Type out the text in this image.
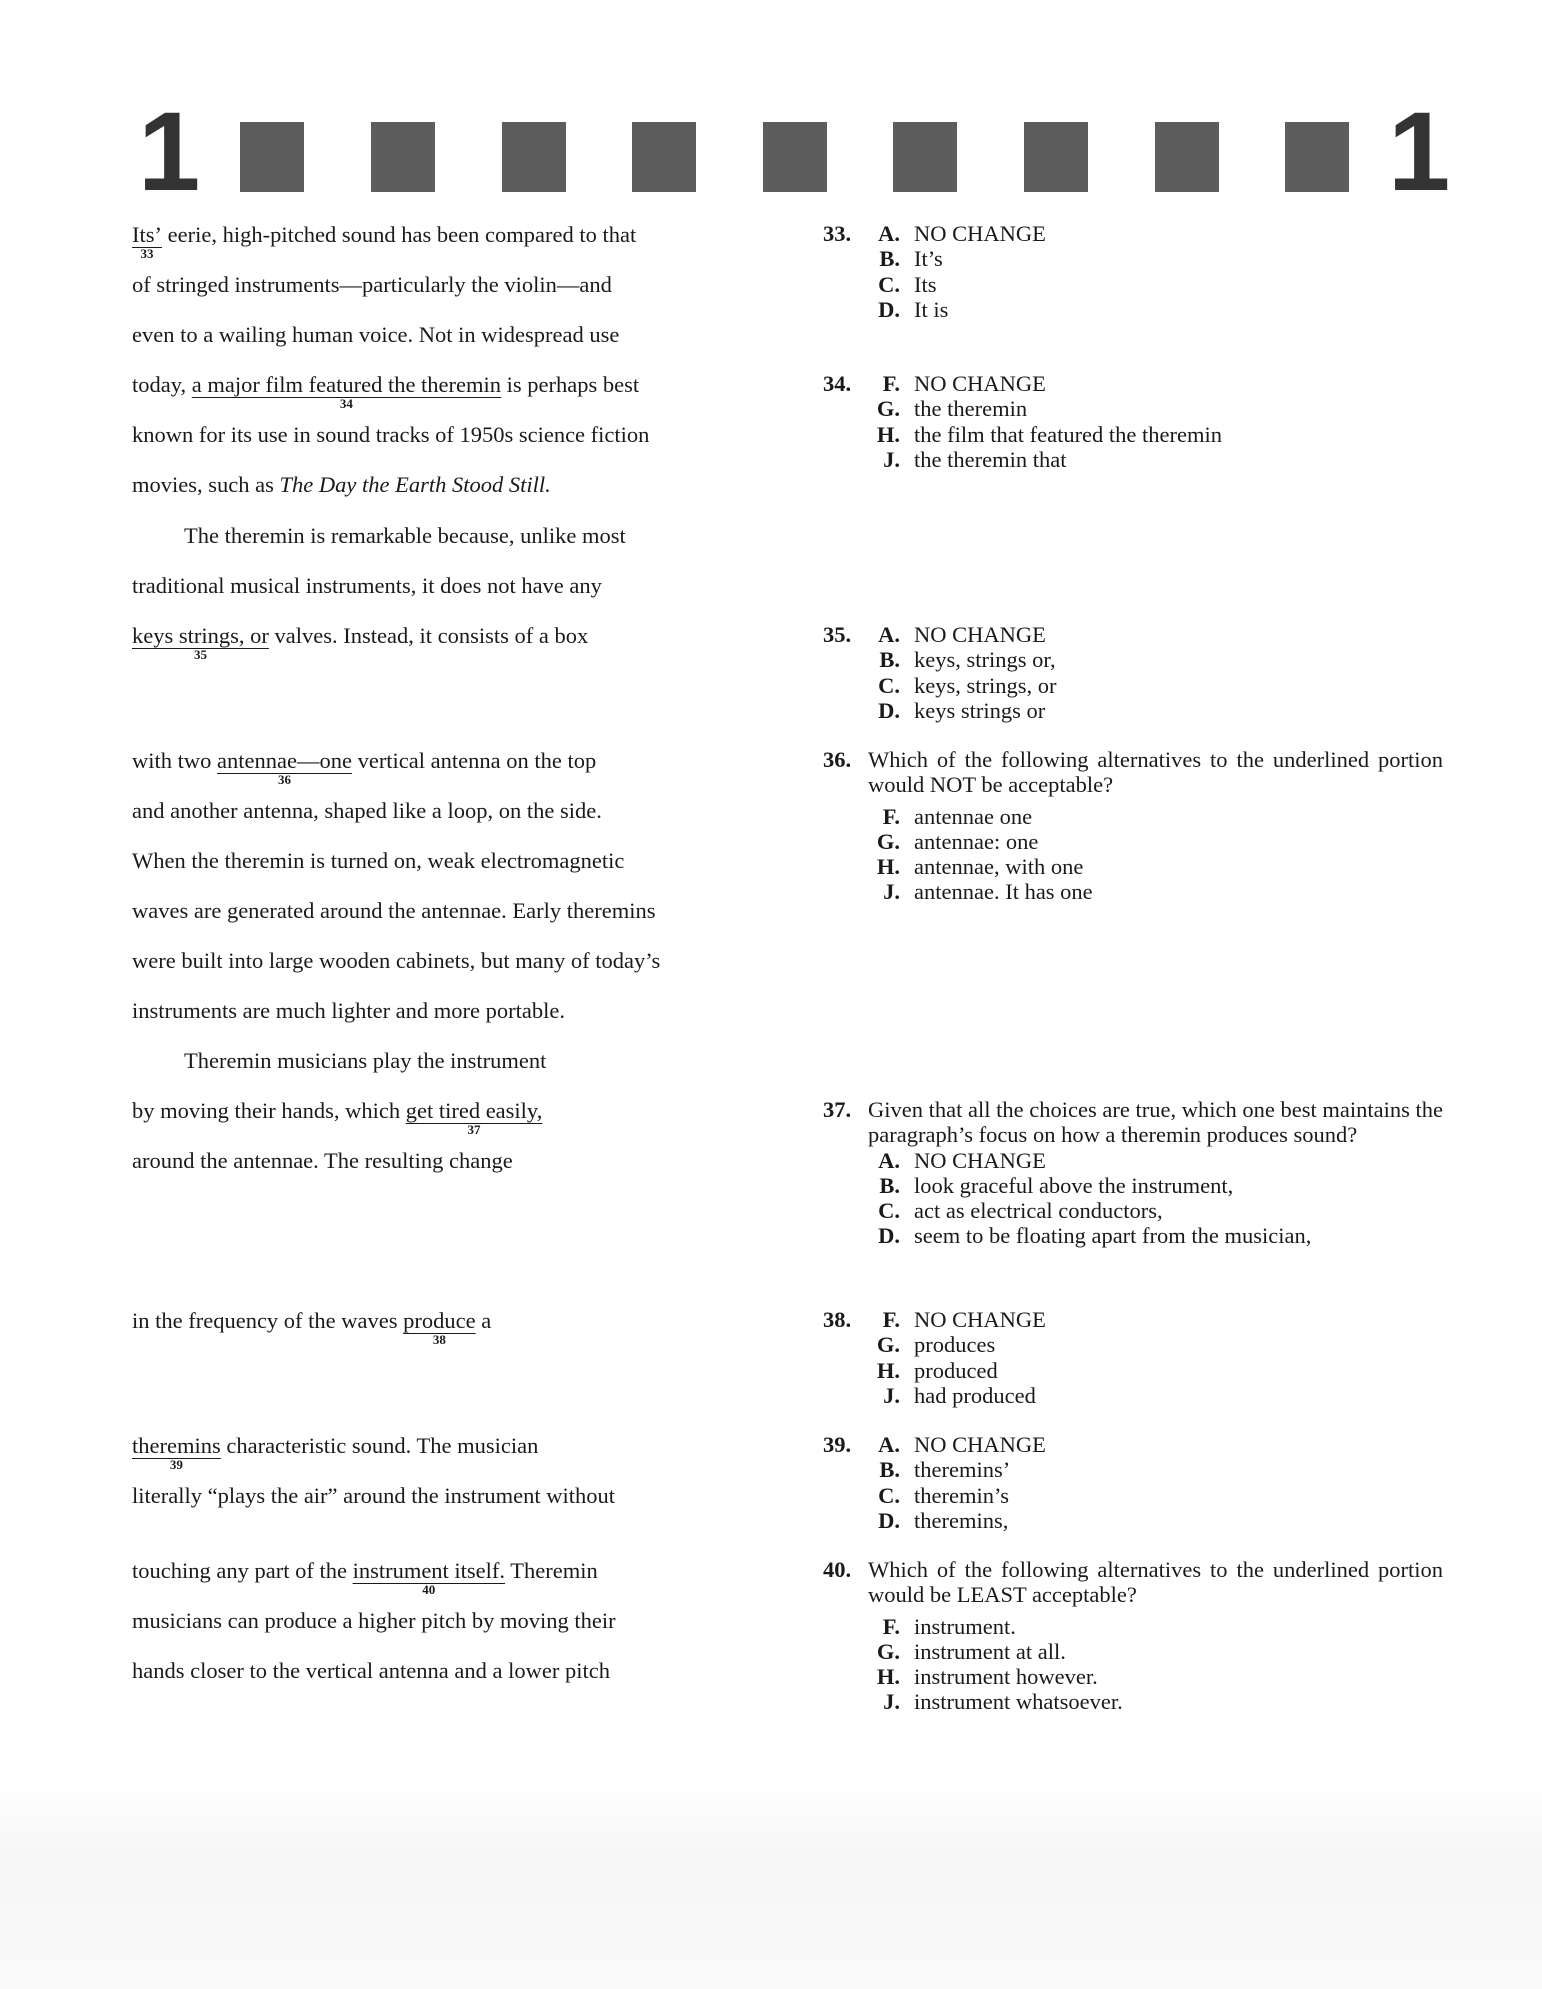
1	1
Its’
33
eerie, high-pitched sound has been compared to that
of stringed instruments—particularly the violin—and
even to a wailing human voice. Not in widespread use
today, a major film featured the theremin
34
is perhaps best
known for its use in sound tracks of 1950s science fiction
movies, such as The Day the Earth Stood Still.
The theremin is remarkable because, unlike most
traditional musical instruments, it does not have any
keys strings, or
35
valves. Instead, it consists of a box
with two antennae—one
36
vertical antenna on the top
and another antenna, shaped like a loop, on the side.
When the theremin is turned on, weak electromagnetic
waves are generated around the antennae. Early theremins
were built into large wooden cabinets, but many of today’s
instruments are much lighter and more portable.
Theremin musicians play the instrument
by moving their hands, which get tired easily,
37
around the antennae. The resulting change
in the frequency of the waves produce
38
a
theremins
39
characteristic sound. The musician
literally “plays the air” around the instrument without
touching any part of the instrument itself.
40
Theremin
musicians can produce a higher pitch by moving their
hands closer to the vertical antenna and a lower pitch
33.	A. NO CHANGE
B. It’s
C. Its
D. It is
34.	F. NO CHANGE
G. the theremin
H. the film that featured the theremin
J. the theremin that
35.	A. NO CHANGE
B. keys, strings or,
C. keys, strings, or
D. keys strings or
36. Which of the following alternatives to the underlined portion would NOT be acceptable?
F. antennae one
G. antennae: one
H. antennae, with one
J. antennae. It has one
37. Given that all the choices are true, which one best maintains the paragraph’s focus on how a theremin produces sound?
A. NO CHANGE
B. look graceful above the instrument,
C. act as electrical conductors,
D. seem to be floating apart from the musician,
38.	F. NO CHANGE
G. produces
H. produced
J. had produced
39.	A. NO CHANGE
B. theremins’
C. theremin’s
D. theremins,
40. Which of the following alternatives to the underlined portion would be LEAST acceptable?
F. instrument.
G. instrument at all.
H. instrument however.
J. instrument whatsoever.
